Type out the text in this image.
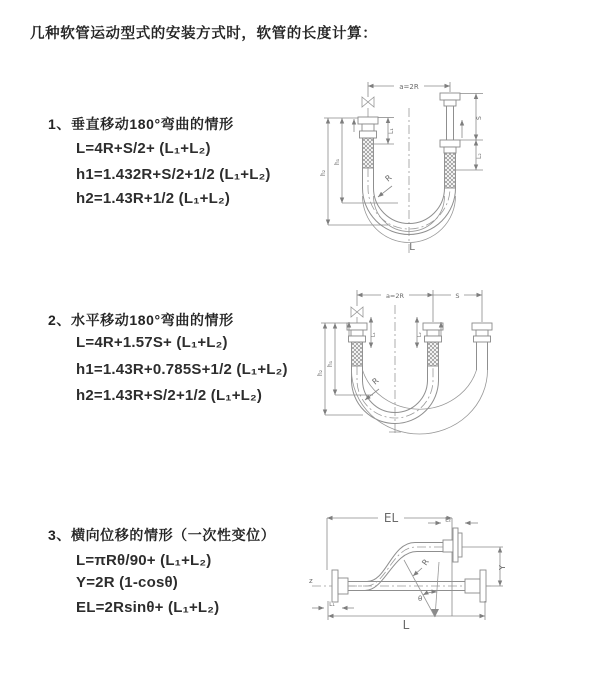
几种软管运动型式的安装方式时，软管的长度计算：
1、垂直移动180°弯曲的情形
L=4R+S/2+ (L₁+L₂)
h1=1.432R+S/2+1/2 (L₁+L₂)
h2=1.43R+1/2 (L₁+L₂)
2、水平移动180°弯曲的情形
L=4R+1.57S+ (L₁+L₂)
h1=1.43R+0.785S+1/2 (L₁+L₂)
h2=1.43R+S/2+1/2 (L₁+L₂)
3、横向位移的情形（一次性变位）
L=πRθ/90+ (L₁+L₂)
Y=2R (1-cosθ)
EL=2Rsinθ+ (L₁+L₂)
a=2R
R
L
h₂
h₁
L₁
S
L₂
a=2R	S
L₁	L₂
R
h₂
h₁
EL	L₂
Y
z
θ
R
L₁
L
